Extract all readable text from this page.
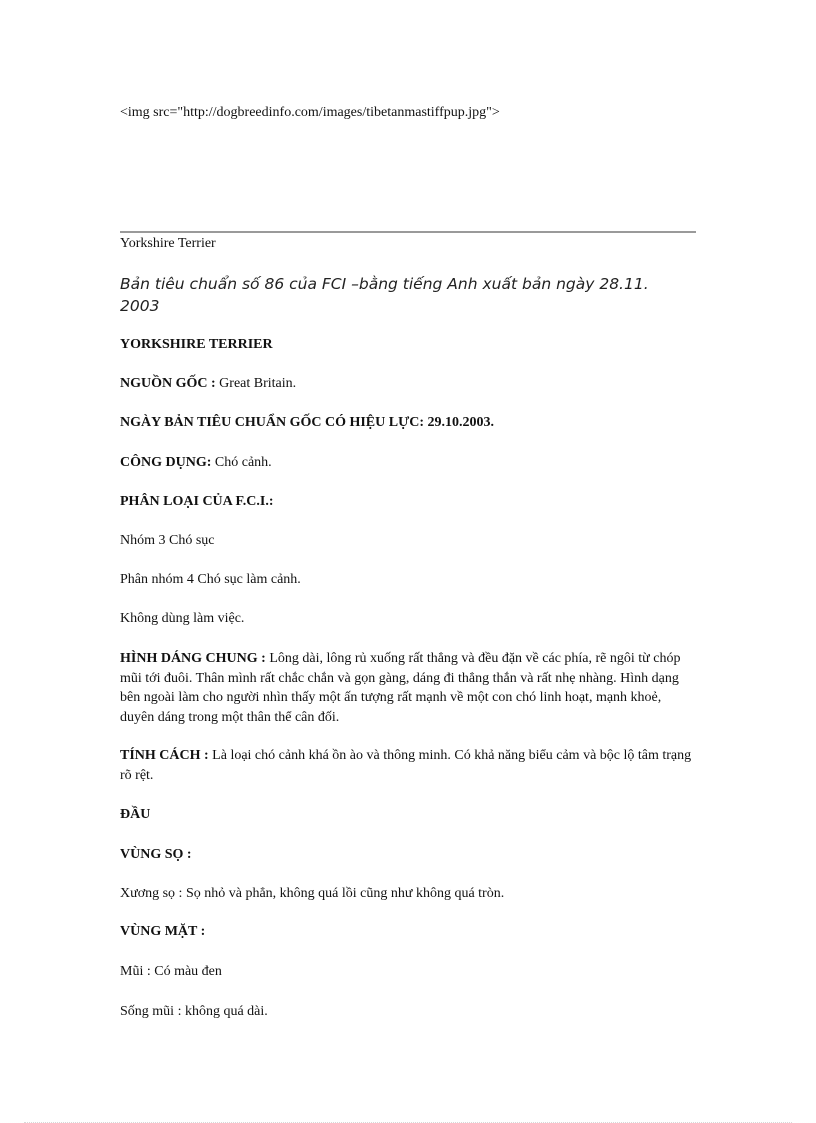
<img src="http://dogbreedinfo.com/images/tibetanmastiffpup.jpg">
Yorkshire Terrier
Bản tiêu chuẩn số 86 của FCI –bằng tiếng Anh xuất bản ngày 28.11. 2003
YORKSHIRE TERRIER
NGUỒN GỐC : Great Britain.
NGÀY BẢN TIÊU CHUẨN GỐC CÓ HIỆU LỰC: 29.10.2003.
CÔNG DỤNG: Chó cảnh.
PHÂN LOẠI CỦA F.C.I.:
Nhóm 3 Chó sục
Phân nhóm 4 Chó sục làm cảnh.
Không dùng làm việc.
HÌNH DÁNG CHUNG : Lông dài, lông rủ xuống rất thẳng và đều đặn về các phía, rẽ ngôi từ chóp mũi tới đuôi. Thân mình rất chắc chắn và gọn gàng, dáng đi thẳng thắn và rất nhẹ nhàng. Hình dạng bên ngoài làm cho người nhìn thấy một ấn tượng rất mạnh về một con chó linh hoạt, mạnh khoẻ, duyên dáng trong một thân thể cân đối.
TÍNH CÁCH : Là loại chó cảnh khá ồn ào và thông minh. Có khả năng biểu cảm và bộc lộ tâm trạng rõ rệt.
ĐẦU
VÙNG SỌ :
Xương sọ : Sọ nhỏ và phẳn, không quá lồi cũng như không quá tròn.
VÙNG MẶT :
Mũi : Có màu đen
Sống mũi : không quá dài.
